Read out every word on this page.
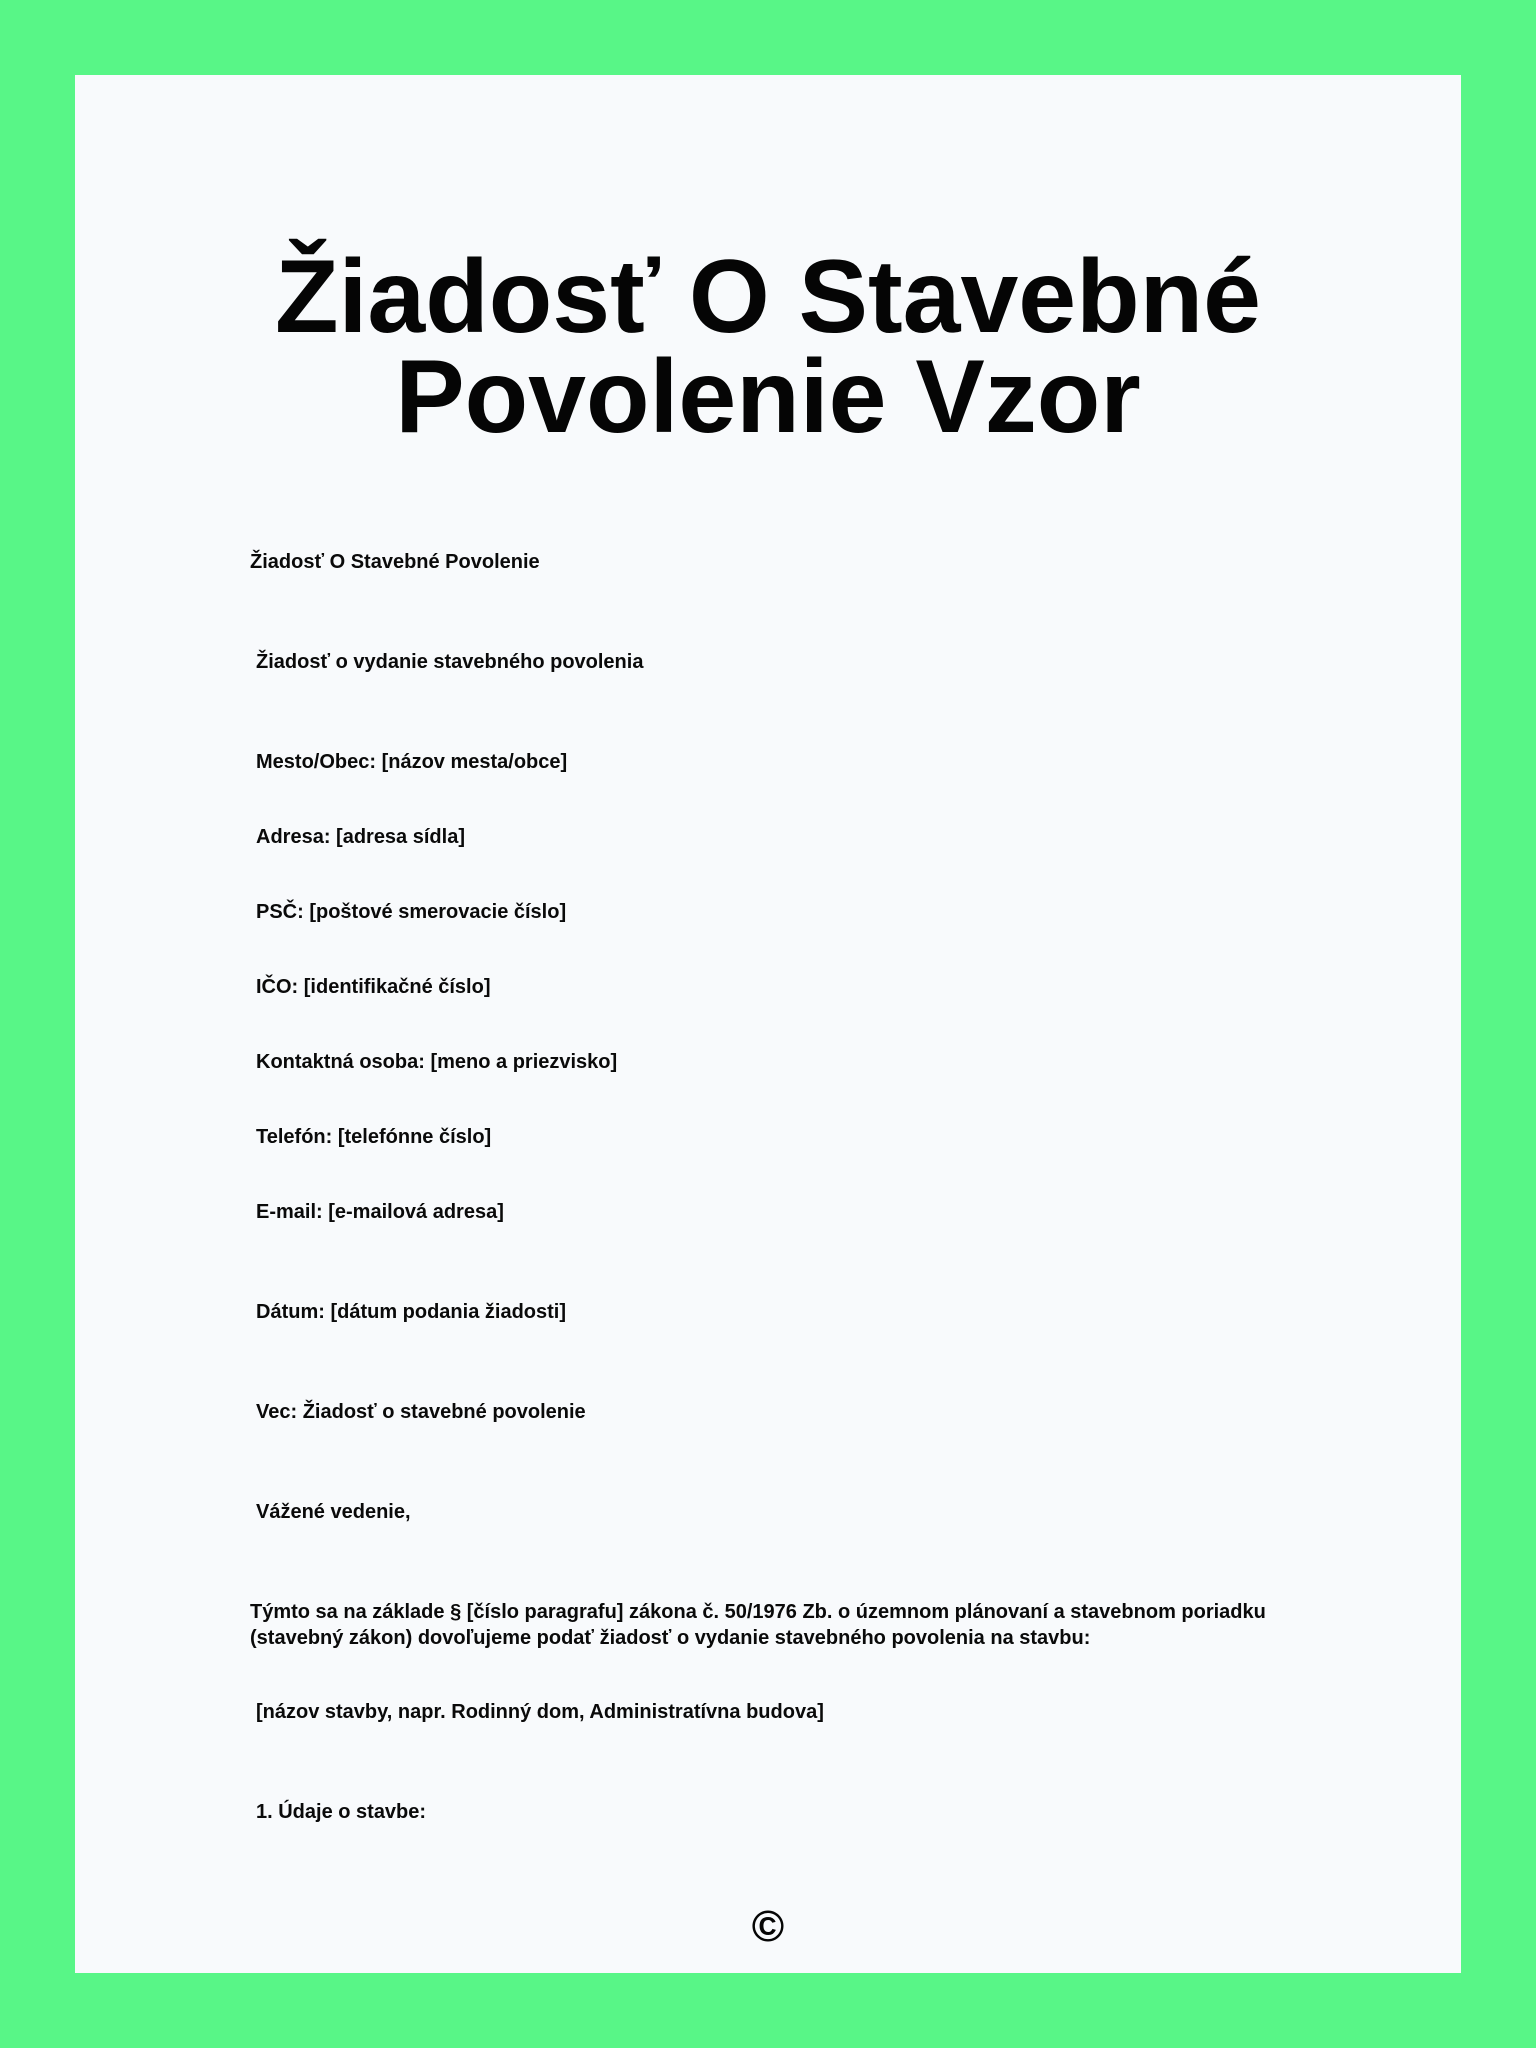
Žiadosť O Stavebné Povolenie Vzor

Žiadosť O Stavebné Povolenie

Žiadosť o vydanie stavebného povolenia

Mesto/Obec: [názov mesta/obce]

Adresa: [adresa sídla]

PSČ: [poštové smerovacie číslo]

IČO: [identifikačné číslo]

Kontaktná osoba: [meno a priezvisko]

Telefón: [telefónne číslo]

E-mail: [e-mailová adresa]

Dátum: [dátum podania žiadosti]

Vec: Žiadosť o stavebné povolenie

Vážené vedenie,

Týmto sa na základe § [číslo paragrafu] zákona č. 50/1976 Zb. o územnom plánovaní a stavebnom poriadku (stavebný zákon) dovoľujeme podať žiadosť o vydanie stavebného povolenia na stavbu:

[názov stavby, napr. Rodinný dom, Administratívna budova]

1. Údaje o stavbe:

©
